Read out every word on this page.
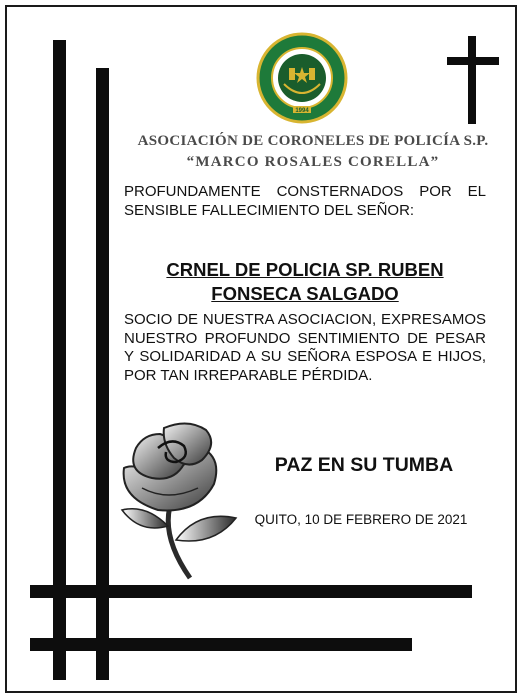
1994
ASOCIACIÓN DE CORONELES DE POLICÍA S.P.
“MARCO ROSALES CORELLA”
PROFUNDAMENTE CONSTERNADOS POR EL SENSIBLE FALLECIMIENTO DEL SEÑOR:
CRNEL DE POLICIA SP. RUBEN
FONSECA SALGADO
SOCIO DE NUESTRA ASOCIACION, EXPRESAMOS NUESTRO PROFUNDO SENTIMIENTO DE PESAR Y SOLIDARIDAD A SU SEÑORA ESPOSA E HIJOS, POR TAN IRREPARABLE PÉRDIDA.
PAZ EN SU TUMBA
QUITO, 10 DE FEBRERO DE 2021
